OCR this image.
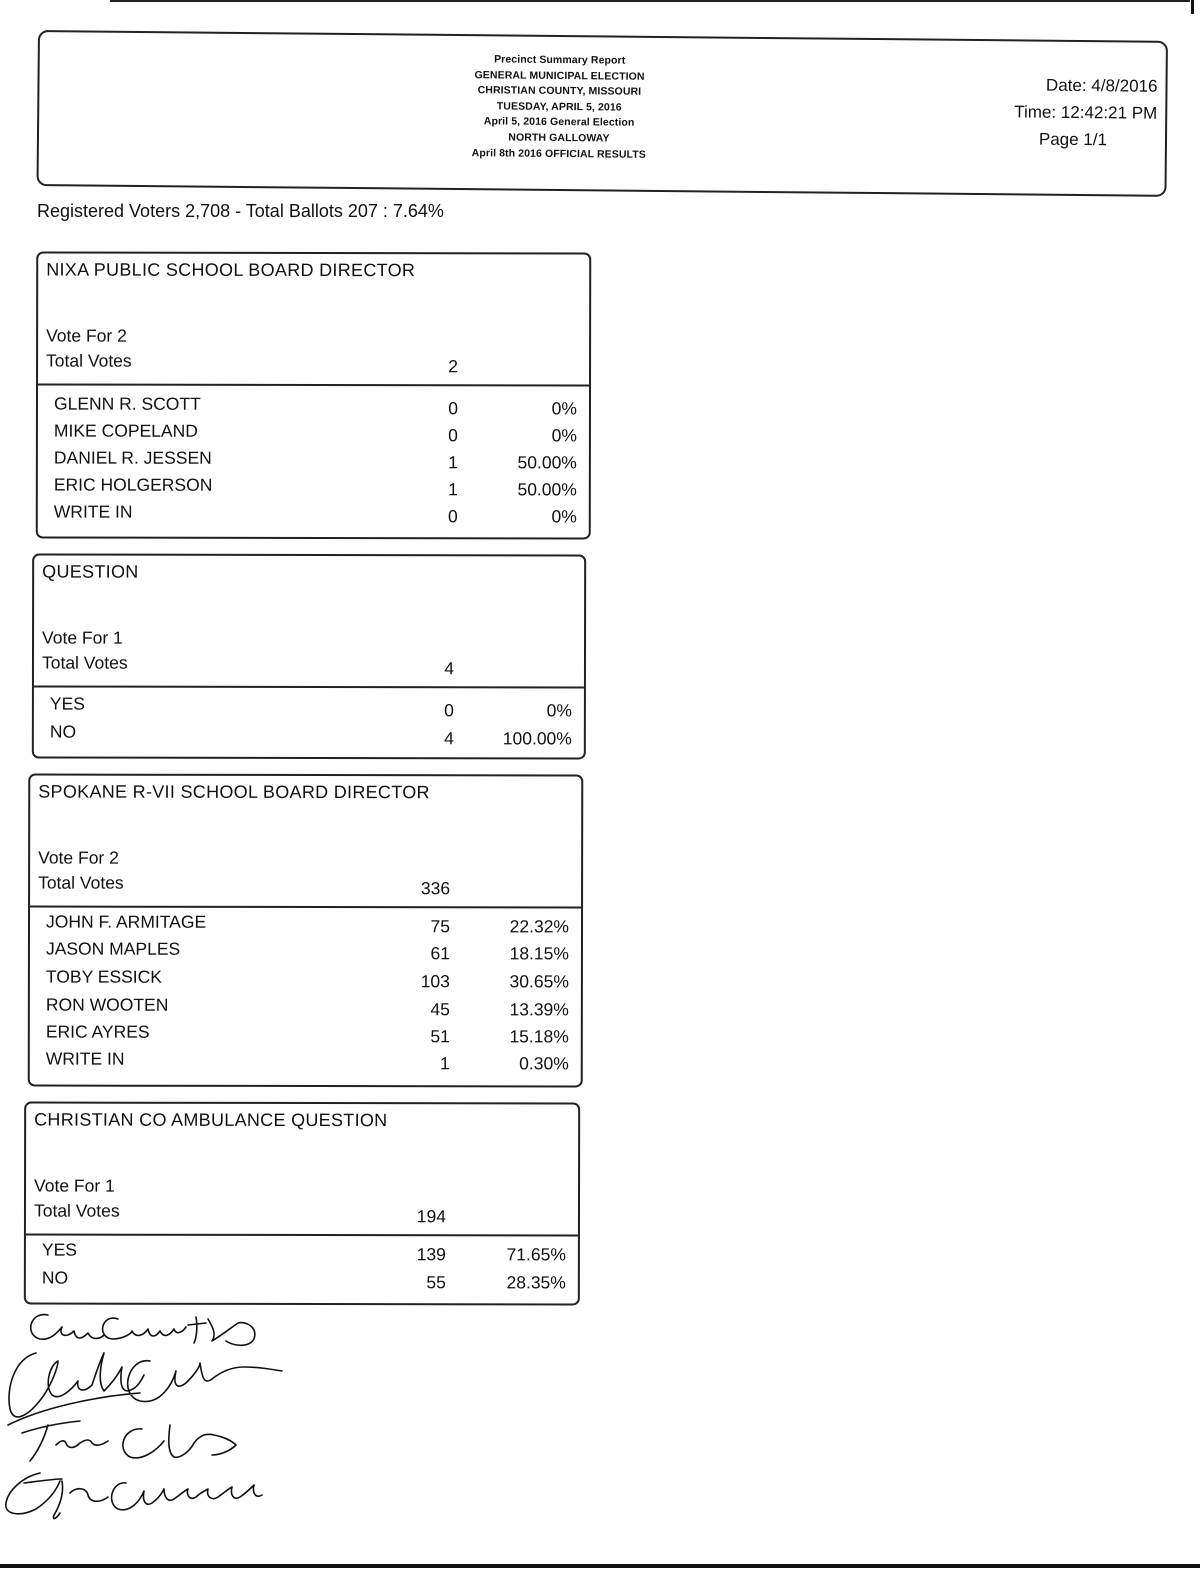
Precinct Summary Report
GENERAL MUNICIPAL ELECTION
CHRISTIAN COUNTY, MISSOURI
TUESDAY, APRIL 5, 2016
April 5, 2016 General Election
NORTH GALLOWAY
April 8th 2016 OFFICIAL RESULTS
Date: 4/8/2016
Time: 12:42:21 PM
Page 1/1
Registered Voters 2,708 - Total Ballots 207 : 7.64%
NIXA PUBLIC SCHOOL BOARD DIRECTOR
Vote For 2
Total Votes	2
GLENN R. SCOTT	0	0%
MIKE COPELAND	0	0%
DANIEL R. JESSEN	1	50.00%
ERIC HOLGERSON	1	50.00%
WRITE IN	0	0%
QUESTION
Vote For 1
Total Votes	4
YES	0	0%
NO	4	100.00%
SPOKANE R-VII SCHOOL BOARD DIRECTOR
Vote For 2
Total Votes	336
JOHN F. ARMITAGE	75	22.32%
JASON MAPLES	61	18.15%
TOBY ESSICK	103	30.65%
RON WOOTEN	45	13.39%
ERIC AYRES	51	15.18%
WRITE IN	1	0.30%
CHRISTIAN CO AMBULANCE QUESTION
Vote For 1
Total Votes	194
YES	139	71.65%
NO	55	28.35%
